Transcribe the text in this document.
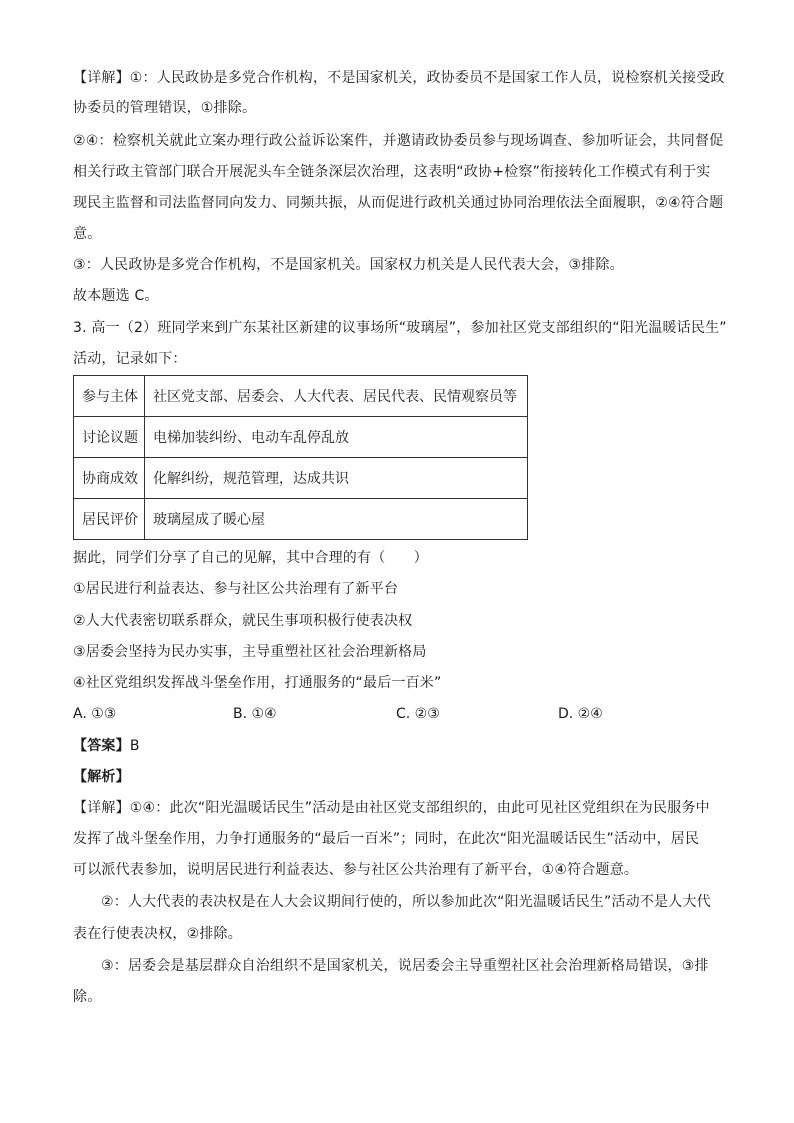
【详解】①：人民政协是多党合作机构，不是国家机关，政协委员不是国家工作人员，说检察机关接受政
协委员的管理错误，①排除。
②④：检察机关就此立案办理行政公益诉讼案件，并邀请政协委员参与现场调查、参加听证会，共同督促
相关行政主管部门联合开展泥头车全链条深层次治理，这表明“政协+检察”衔接转化工作模式有利于实
现民主监督和司法监督同向发力、同频共振，从而促进行政机关通过协同治理依法全面履职，②④符合题
意。
③：人民政协是多党合作机构，不是国家机关。国家权力机关是人民代表大会，③排除。
故本题选 C。
3. 高一（2）班同学来到广东某社区新建的议事场所“玻璃屋”，参加社区党支部组织的“阳光温暖话民生”
活动，记录如下：
参与主体	社区党支部、居委会、人大代表、居民代表、民情观察员等
讨论议题	电梯加装纠纷、电动车乱停乱放
协商成效	化解纠纷，规范管理，达成共识
居民评价	玻璃屋成了暖心屋
据此，同学们分享了自己的见解，其中合理的有（　　）
①居民进行利益表达、参与社区公共治理有了新平台
②人大代表密切联系群众，就民生事项积极行使表决权
③居委会坚持为民办实事，主导重塑社区社会治理新格局
④社区党组织发挥战斗堡垒作用，打通服务的“最后一百米”
A. ①③	B. ①④	C. ②③	D. ②④
【答案】B
【解析】
【详解】①④：此次“阳光温暖话民生”活动是由社区党支部组织的，由此可见社区党组织在为民服务中
发挥了战斗堡垒作用，力争打通服务的“最后一百米”；同时，在此次“阳光温暖话民生”活动中，居民
可以派代表参加，说明居民进行利益表达、参与社区公共治理有了新平台，①④符合题意。
②：人大代表的表决权是在人大会议期间行使的，所以参加此次“阳光温暖话民生”活动不是人大代
表在行使表决权，②排除。
③：居委会是基层群众自治组织不是国家机关，说居委会主导重塑社区社会治理新格局错误，③排
除。
